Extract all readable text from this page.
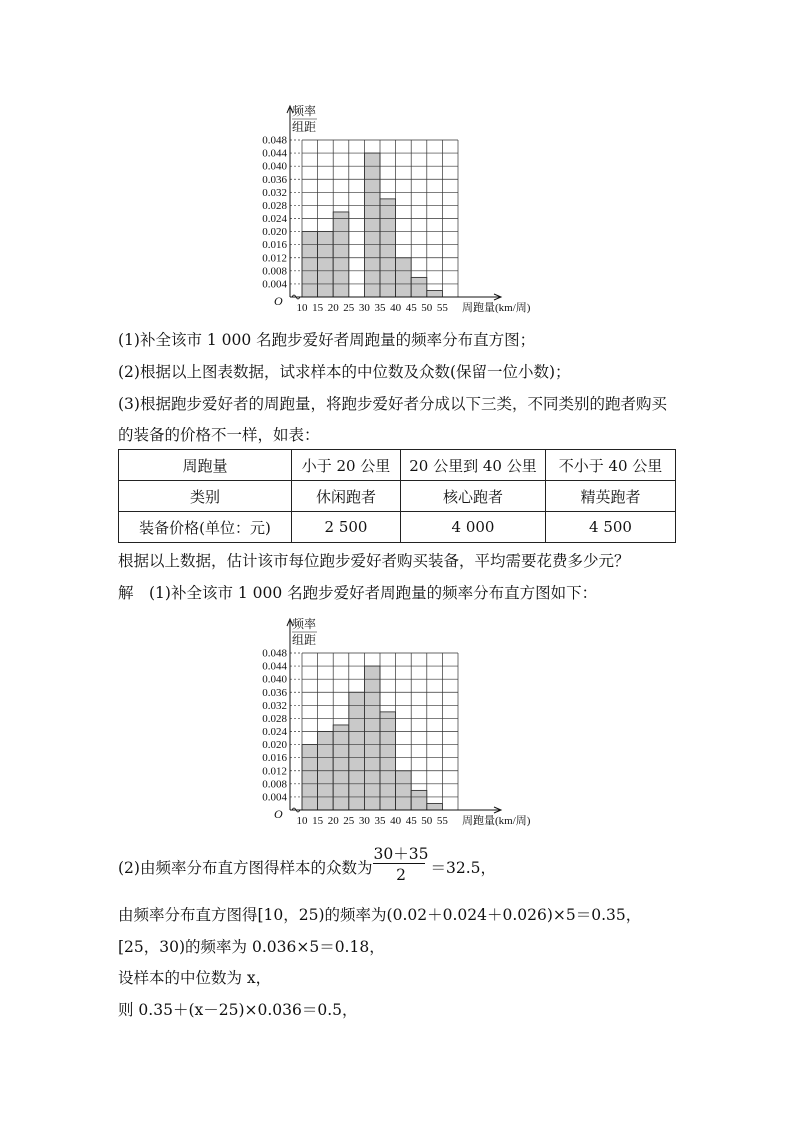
0.004
0.008
0.012
0.016
0.020
0.024
0.028
0.032
0.036
0.040
0.044
0.048
频率
组距
O 10 15 20 25 30 35 40 45 50 55 周跑量(km/周)
(1)补全该市 1 000 名跑步爱好者周跑量的频率分布直方图；
(2)根据以上图表数据，试求样本的中位数及众数(保留一位小数)；
(3)根据跑步爱好者的周跑量，将跑步爱好者分成以下三类，不同类别的跑者购买
的装备的价格不一样，如表：
周跑量	小于 20 公里	20 公里到 40 公里	不小于 40 公里
类别	休闲跑者	核心跑者	精英跑者
装备价格(单位：元)	2 500	4 000	4 500
根据以上数据，估计该市每位跑步爱好者购买装备，平均需要花费多少元？
解　(1)补全该市 1 000 名跑步爱好者周跑量的频率分布直方图如下：
0.004
0.008
0.012
0.016
0.020
0.024
0.028
0.032
0.036
0.040
0.044
0.048
频率
组距
O 10 15 20 25 30 35 40 45 50 55 周跑量(km/周)
(2)由频率分布直方图得样本的众数为	＝32.5，
30＋35
2
由频率分布直方图得[10，25)的频率为(0.02＋0.024＋0.026)×5＝0.35，
[25，30)的频率为 0.036×5＝0.18，
设样本的中位数为 x，
则 0.35＋(x－25)×0.036＝0.5，
